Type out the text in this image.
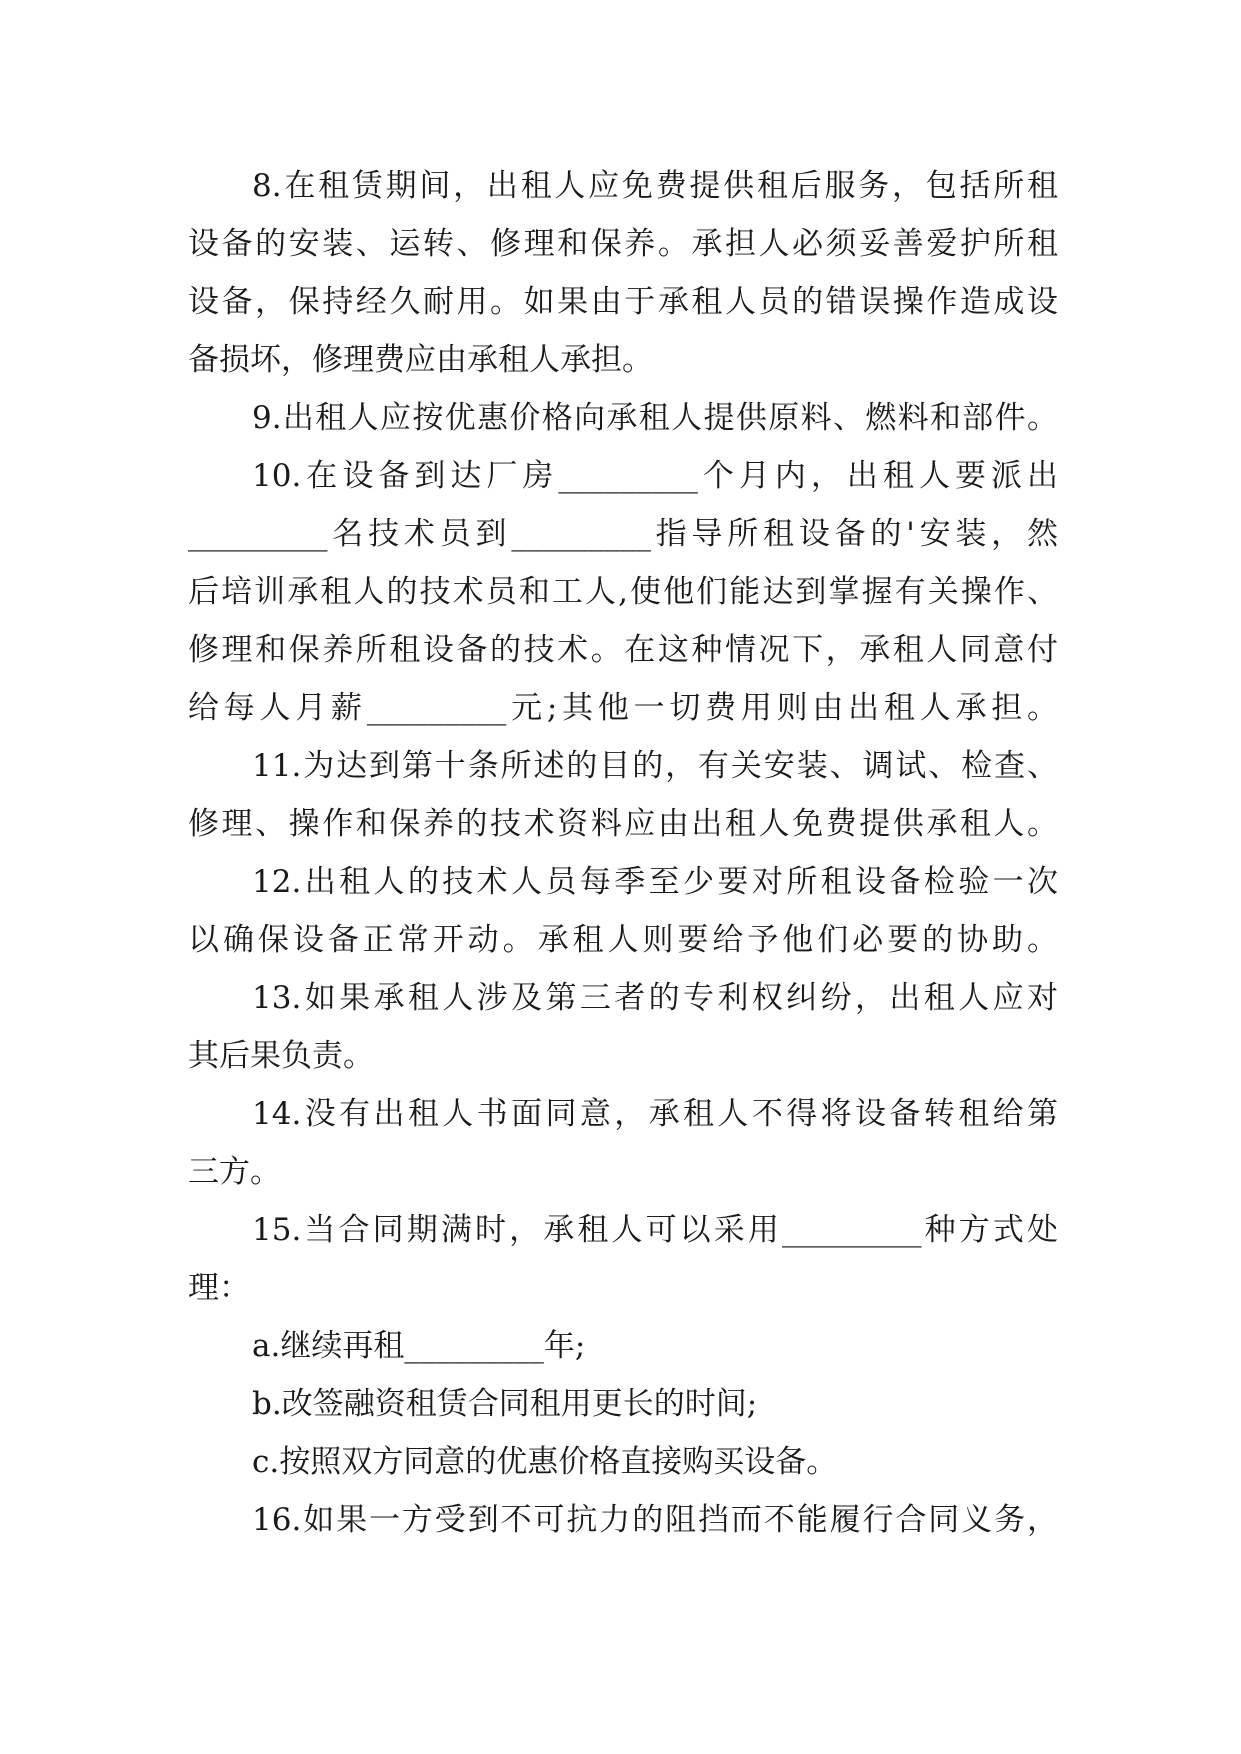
8.在租赁期间，出租人应免费提供租后服务，包括所租
设备的安装、运转、修理和保养。承担人必须妥善爱护所租
设备，保持经久耐用。如果由于承租人员的错误操作造成设
备损坏，修理费应由承租人承担。
9.出租人应按优惠价格向承租人提供原料、燃料和部件。
10.在设备到达厂房_________个月内，出租人要派出
_________名技术员到_________指导所租设备的'安装，然
后培训承租人的技术员和工人,使他们能达到掌握有关操作、
修理和保养所租设备的技术。在这种情况下，承租人同意付
给每人月薪_________元;其他一切费用则由出租人承担。
11.为达到第十条所述的目的，有关安装、调试、检查、
修理、操作和保养的技术资料应由出租人免费提供承租人。
12.出租人的技术人员每季至少要对所租设备检验一次
以确保设备正常开动。承租人则要给予他们必要的协助。
13.如果承租人涉及第三者的专利权纠纷，出租人应对
其后果负责。
14.没有出租人书面同意，承租人不得将设备转租给第
三方。
15.当合同期满时，承租人可以采用_________种方式处
理：
a.继续再租_________年;
b.改签融资租赁合同租用更长的时间;
c.按照双方同意的优惠价格直接购买设备。
16.如果一方受到不可抗力的阻挡而不能履行合同义务，
